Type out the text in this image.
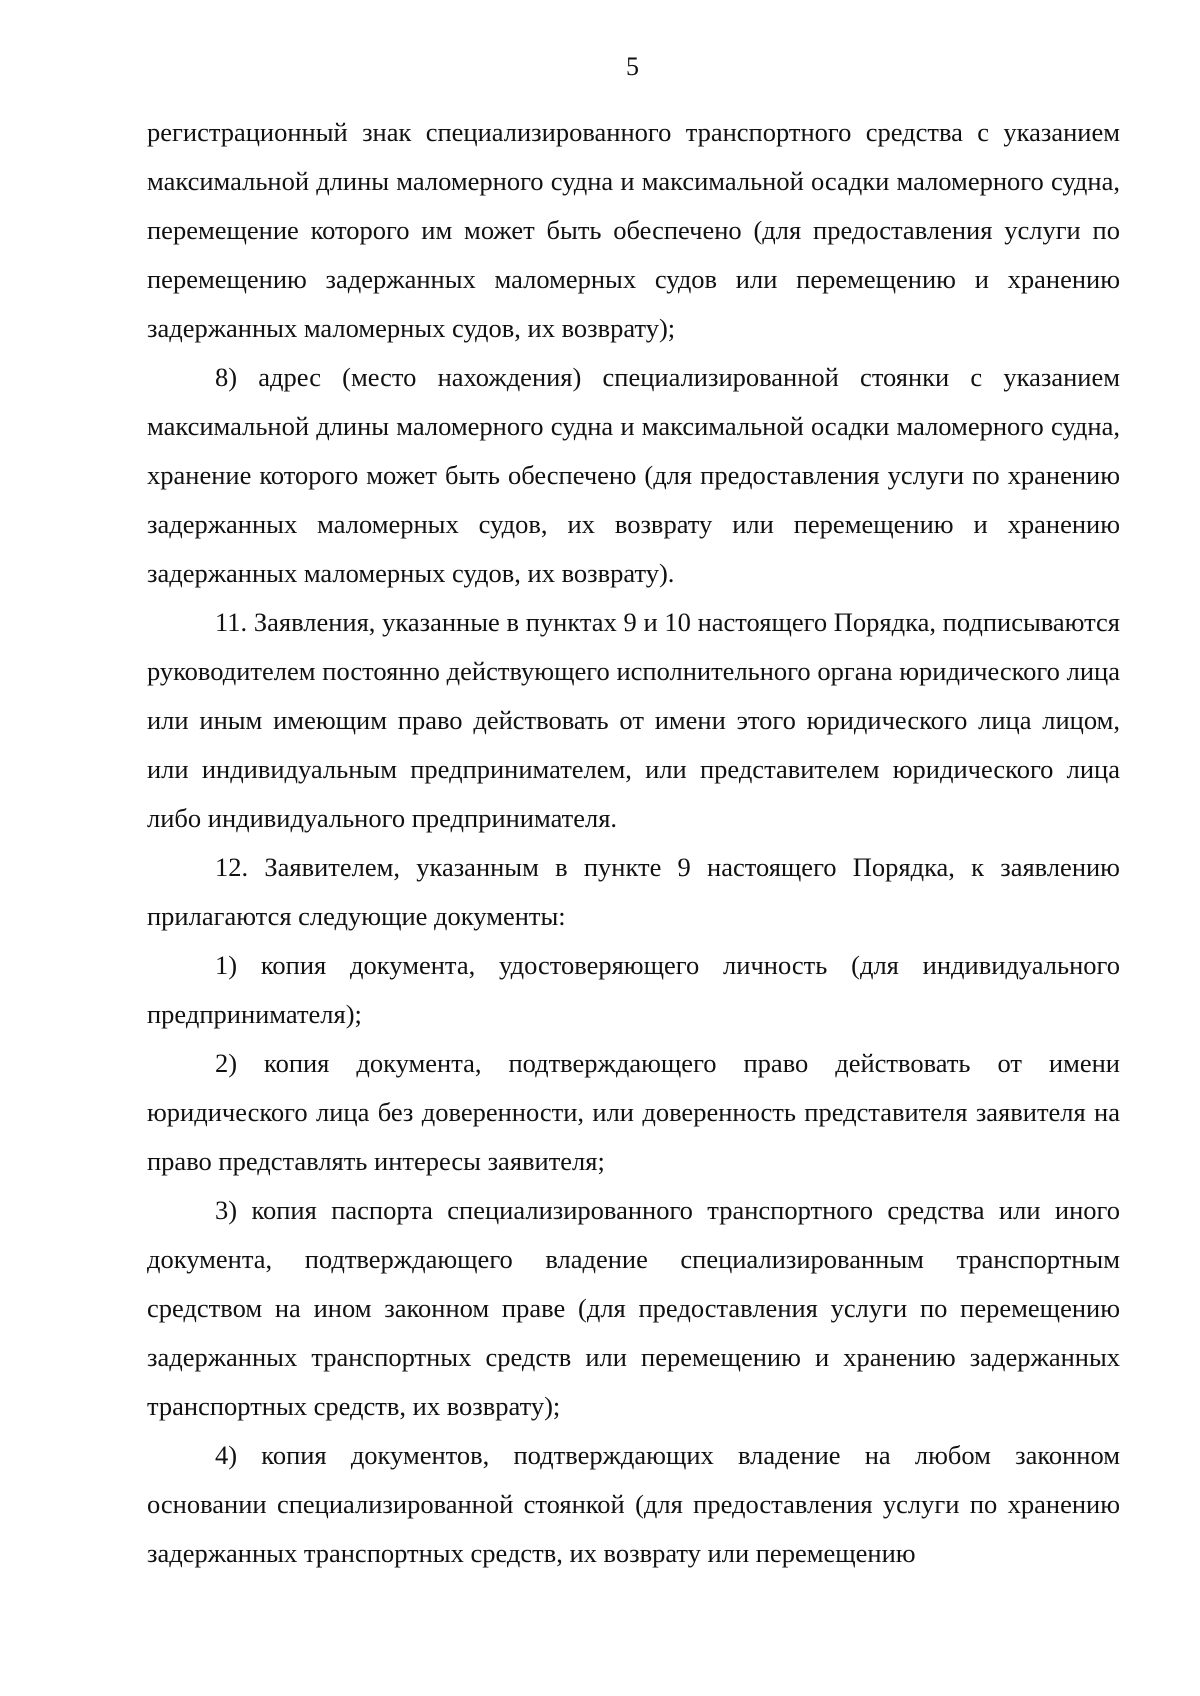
5

регистрационный знак специализированного транспортного средства с указанием максимальной длины маломерного судна и максимальной осадки маломерного судна, перемещение которого им может быть обеспечено (для предоставления услуги по перемещению задержанных маломерных судов или перемещению и хранению задержанных маломерных судов, их возврату);

8) адрес (место нахождения) специализированной стоянки с указанием максимальной длины маломерного судна и максимальной осадки маломерного судна, хранение которого может быть обеспечено (для предоставления услуги по хранению задержанных маломерных судов, их возврату или перемещению и хранению задержанных маломерных судов, их возврату).

11. Заявления, указанные в пунктах 9 и 10 настоящего Порядка, подписываются руководителем постоянно действующего исполнительного органа юридического лица или иным имеющим право действовать от имени этого юридического лица лицом, или индивидуальным предпринимателем, или представителем юридического лица либо индивидуального предпринимателя.

12. Заявителем, указанным в пункте 9 настоящего Порядка, к заявлению прилагаются следующие документы:

1) копия документа, удостоверяющего личность (для индивидуального предпринимателя);

2) копия документа, подтверждающего право действовать от имени юридического лица без доверенности, или доверенность представителя заявителя на право представлять интересы заявителя;

3) копия паспорта специализированного транспортного средства или иного документа, подтверждающего владение специализированным транспортным средством на ином законном праве (для предоставления услуги по перемещению задержанных транспортных средств или перемещению и хранению задержанных транспортных средств, их возврату);

4) копия документов, подтверждающих владение на любом законном основании специализированной стоянкой (для предоставления услуги по хранению задержанных транспортных средств, их возврату или перемещению
